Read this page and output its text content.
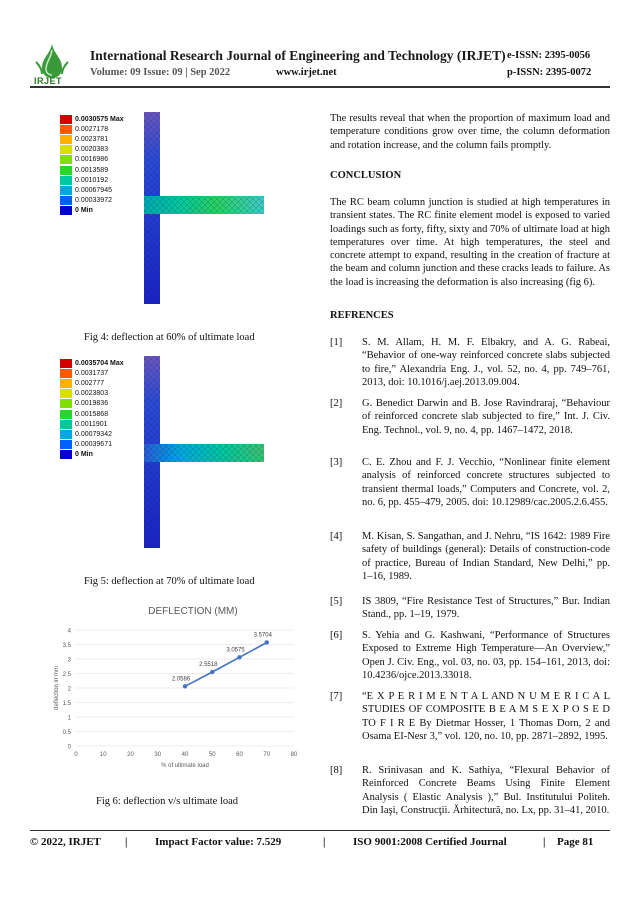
IRJET
International Research Journal of Engineering and Technology (IRJET) e-ISSN: 2395-0056
Volume: 09 Issue: 09 | Sep 2022	www.irjet.net	p-ISSN: 2395-0072
0.0030575 Max
0.0027178
0.0023781
0.0020383
0.0016986
0.0013589
0.0010192
0.00067945
0.00033972
0 Min
Fig 4: deflection at 60% of ultimate load
0.0035704 Max
0.0031737
0.002777
0.0023803
0.0019836
0.0015868
0.0011901
0.00079342
0.00039671
0 Min
Fig 5: deflection at 70% of ultimate load
DEFLECTION (MM)
0
0.5
1
1.5
2
2.5
3
3.5
4
0	10	20	30	40	50	60	70	80
% of ultimate load
deflection in mm	2.0586
2.5518
3.0575
3.5704
Fig 6: deflection v/s ultimate load
The results reveal that when the proportion of maximum load and temperature conditions grow over time, the column deformation and rotation increase, and the column fails promptly.
CONCLUSION
The RC beam column junction is studied at high temperatures in transient states. The RC finite element model is exposed to varied loadings such as forty, fifty, sixty and 70% of ultimate load at high temperatures over time. At high temperatures, the steel and concrete attempt to expand, resulting in the creation of fracture at the beam and column junction and these cracks leads to failure. As the load is increasing the deformation is also increasing (fig 6).
REFRENCES
[1] S. M. Allam, H. M. F. Elbakry, and A. G. Rabeai, “Behavior of one-way reinforced concrete slabs subjected to fire,” Alexandria Eng. J., vol. 52, no. 4, pp. 749–761, 2013, doi: 10.1016/j.aej.2013.09.004.
[2] G. Benedict Darwin and B. Jose Ravindraraj, “Behaviour of reinforced concrete slab subjected to fire,” Int. J. Civ. Eng. Technol., vol. 9, no. 4, pp. 1467–1472, 2018.
[3] C. E. Zhou and F. J. Vecchio, “Nonlinear finite element analysis of reinforced concrete structures subjected to transient thermal loads,” Computers and Concrete, vol. 2, no. 6, pp. 455–479, 2005. doi: 10.12989/cac.2005.2.6.455.
[4] M. Kisan, S. Sangathan, and J. Nehru, “IS 1642: 1989 Fire safety of buildings (general): Details of construction-code of practice, Bureau of Indian Standard, New Delhi,” pp. 1–16, 1989.
[5] IS 3809, “Fire Resistance Test of Structures,” Bur. Indian Stand., pp. 1–19, 1979.
[6] S. Yehia and G. Kashwani, “Performance of Structures Exposed to Extreme High Temperature—An Overview,” Open J. Civ. Eng., vol. 03, no. 03, pp. 154–161, 2013, doi: 10.4236/ojce.2013.33018.
[7] “E X P E R I M E N T A L AND N U M E R I C A L STUDIES OF COMPOSITE B E A M S E X P O S E D TO F I R E By Dietmar Hosser, 1 Thomas Dorn, 2 and Osama EI-Nesr 3,” vol. 120, no. 10, pp. 2871–2892, 1995.
[8] R. Srinivasan and K. Sathiya, “Flexural Behavior of Reinforced Concrete Beams Using Finite Element Analysis ( Elastic Analysis ),” Bul. Institutului Politeh. Din Iaşi, Construcţii. Ărhitectură, no. Lx, pp. 31–41, 2010.
© 2022, IRJET	|	Impact Factor value: 7.529	|	ISO 9001:2008 Certified Journal	|	Page 81
